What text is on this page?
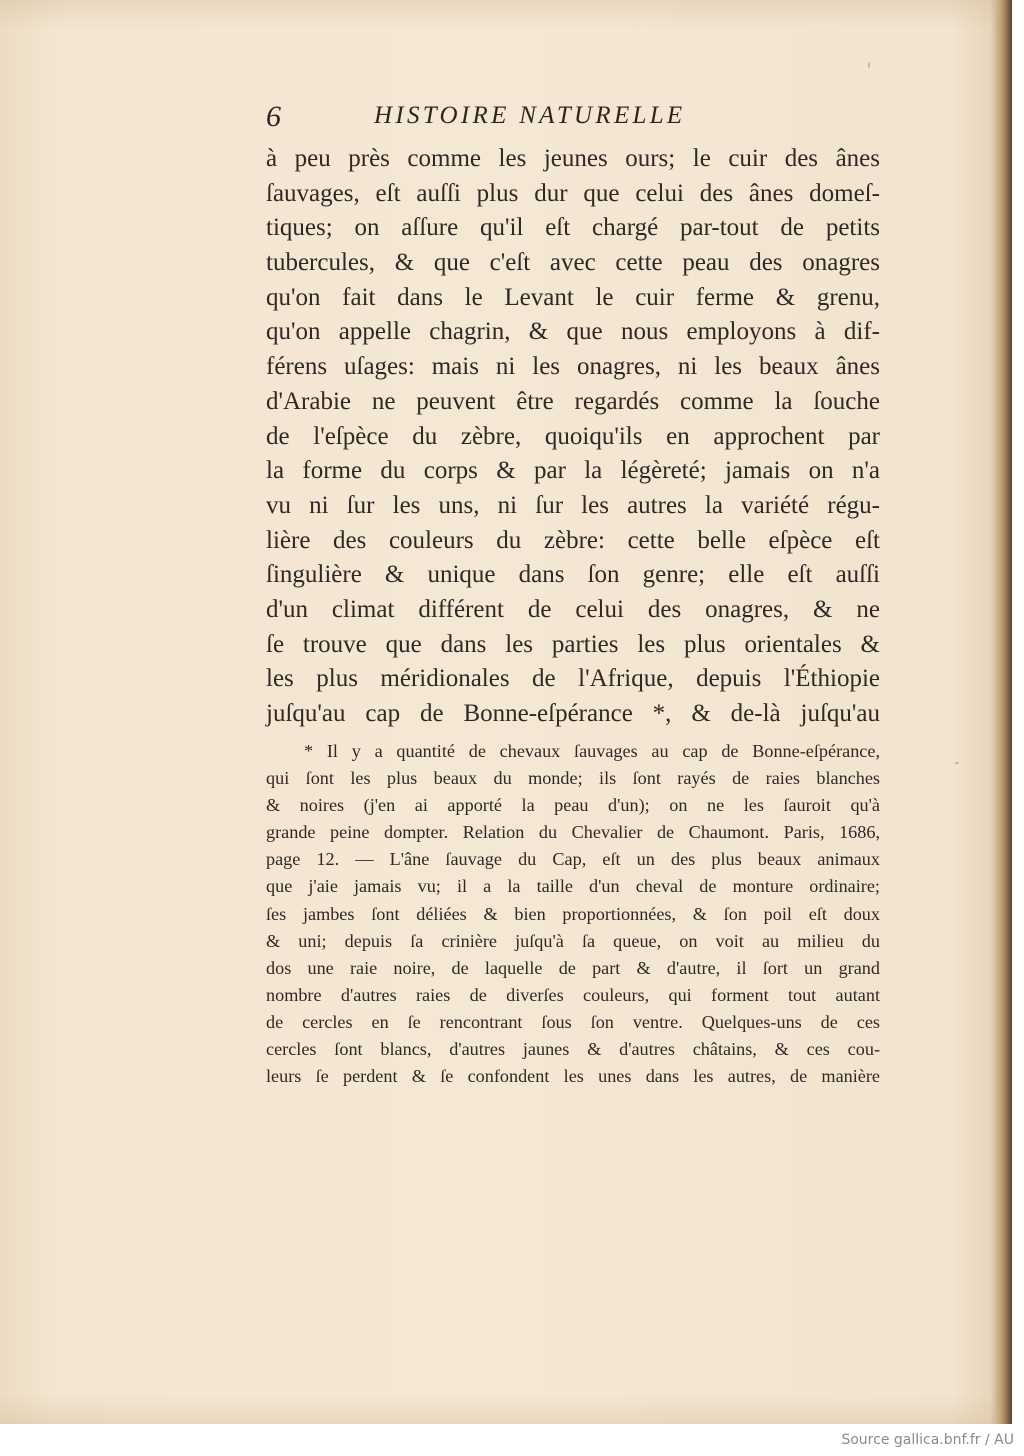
6	HISTOIRE NATURELLE
à peu près comme les jeunes ours; le cuir des ânes
ſauvages, eſt auſſi plus dur que celui des ânes domeſ-
tiques; on aſſure qu'il eſt chargé par-tout de petits
tubercules, & que c'eſt avec cette peau des onagres
qu'on fait dans le Levant le cuir ferme & grenu,
qu'on appelle chagrin, & que nous employons à dif-
férens uſages: mais ni les onagres, ni les beaux ânes
d'Arabie ne peuvent être regardés comme la ſouche
de l'eſpèce du zèbre, quoiqu'ils en approchent par
la forme du corps & par la légèreté; jamais on n'a
vu ni ſur les uns, ni ſur les autres la variété régu-
lière des couleurs du zèbre: cette belle eſpèce eſt
ſingulière & unique dans ſon genre; elle eſt auſſi
d'un climat différent de celui des onagres, & ne
ſe trouve que dans les parties les plus orientales &
les plus méridionales de l'Afrique, depuis l'Éthiopie
juſqu'au cap de Bonne-eſpérance *, & de-là juſqu'au
* Il y a quantité de chevaux ſauvages au cap de Bonne-eſpérance,
qui ſont les plus beaux du monde; ils ſont rayés de raies blanches
& noires (j'en ai apporté la peau d'un); on ne les ſauroit qu'à
grande peine dompter. Relation du Chevalier de Chaumont. Paris, 1686,
page 12. — L'âne ſauvage du Cap, eſt un des plus beaux animaux
que j'aie jamais vu; il a la taille d'un cheval de monture ordinaire;
ſes jambes ſont déliées & bien proportionnées, & ſon poil eſt doux
& uni; depuis ſa crinière juſqu'à ſa queue, on voit au milieu du
dos une raie noire, de laquelle de part & d'autre, il ſort un grand
nombre d'autres raies de diverſes couleurs, qui forment tout autant
de cercles en ſe rencontrant ſous ſon ventre. Quelques-uns de ces
cercles ſont blancs, d'autres jaunes & d'autres châtains, & ces cou-
leurs ſe perdent & ſe confondent les unes dans les autres, de manière
Source gallica.bnf.fr / AU
